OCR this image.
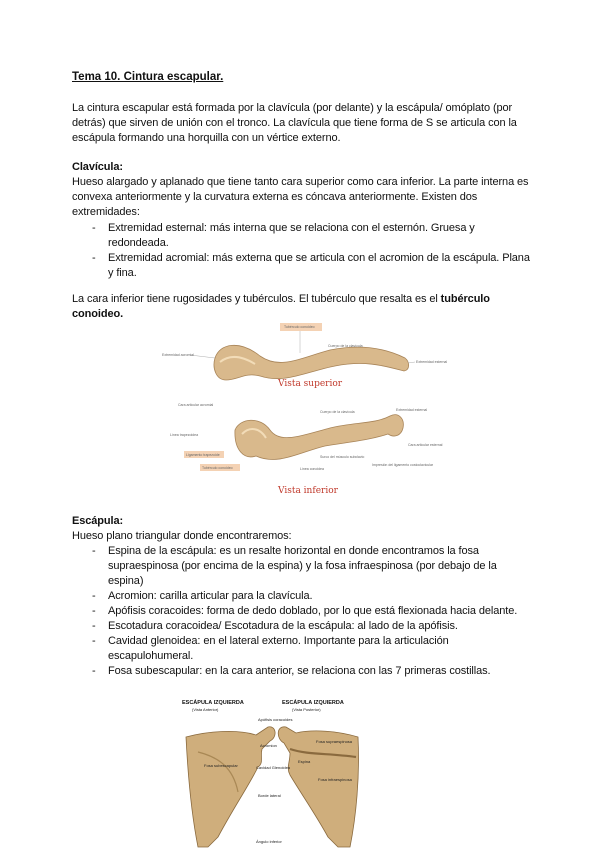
Tema 10. Cintura escapular.
La cintura escapular está formada por la clavícula (por delante) y la escápula/ omóplato (por detrás) que sirven de unión con el tronco. La clavícula que tiene forma de S se articula con la escápula formando una horquilla con un vértice externo.
Clavícula:
Hueso alargado y aplanado que tiene tanto cara superior como cara inferior. La parte interna es convexa anteriormente y la curvatura externa es cóncava anteriormente. Existen dos extremidades:
- Extremidad esternal: más interna que se relaciona con el esternón. Gruesa y redondeada.
- Extremidad acromial: más externa que se articula con el acromion de la escápula. Plana y fina.
La cara inferior tiene rugosidades y tubérculos. El tubérculo que resalta es el tubérculo conoideo.
Tubérculo conoideo
Extremidad acromial
Cuerpo de la clavícula
Extremidad esternal
Cara articular acromial
Línea trapezoidea
Ligamento trapezoide
Tubérculo conoideo
Cuerpo de la clavícula
Surco del músculo subclavio
Línea conoidea
Extremidad esternal
Cara articular esternal
Impresión del ligamento costoclavicular
Vista superior
Vista inferior
Escápula:
Hueso plano triangular donde encontraremos:
- Espina de la escápula: es un resalte horizontal en donde encontramos la fosa supraespinosa (por encima de la espina) y la fosa infraespinosa (por debajo de la espina)
- Acromion: carilla articular para la clavícula.
- Apófisis coracoides: forma de dedo doblado, por lo que está flexionada hacia delante.
- Escotadura coracoidea/ Escotadura de la escápula: al lado de la apófisis.
- Cavidad glenoidea: en el lateral externo. Importante para la articulación escapulohumeral.
- Fosa subescapular: en la cara anterior, se relaciona con las 7 primeras costillas.
ESCÁPULA IZQUIERDA
(Vista Anterior)
ESCÁPULA IZQUIERDA
(Vista Posterior)
Apófisis coracoides
Acromion
Fosa subescapular	Cavidad Glenoidea
Borde lateral
Ángulo inferior
Fosa supraespinosa
Fosa infraespinosa
Espina
